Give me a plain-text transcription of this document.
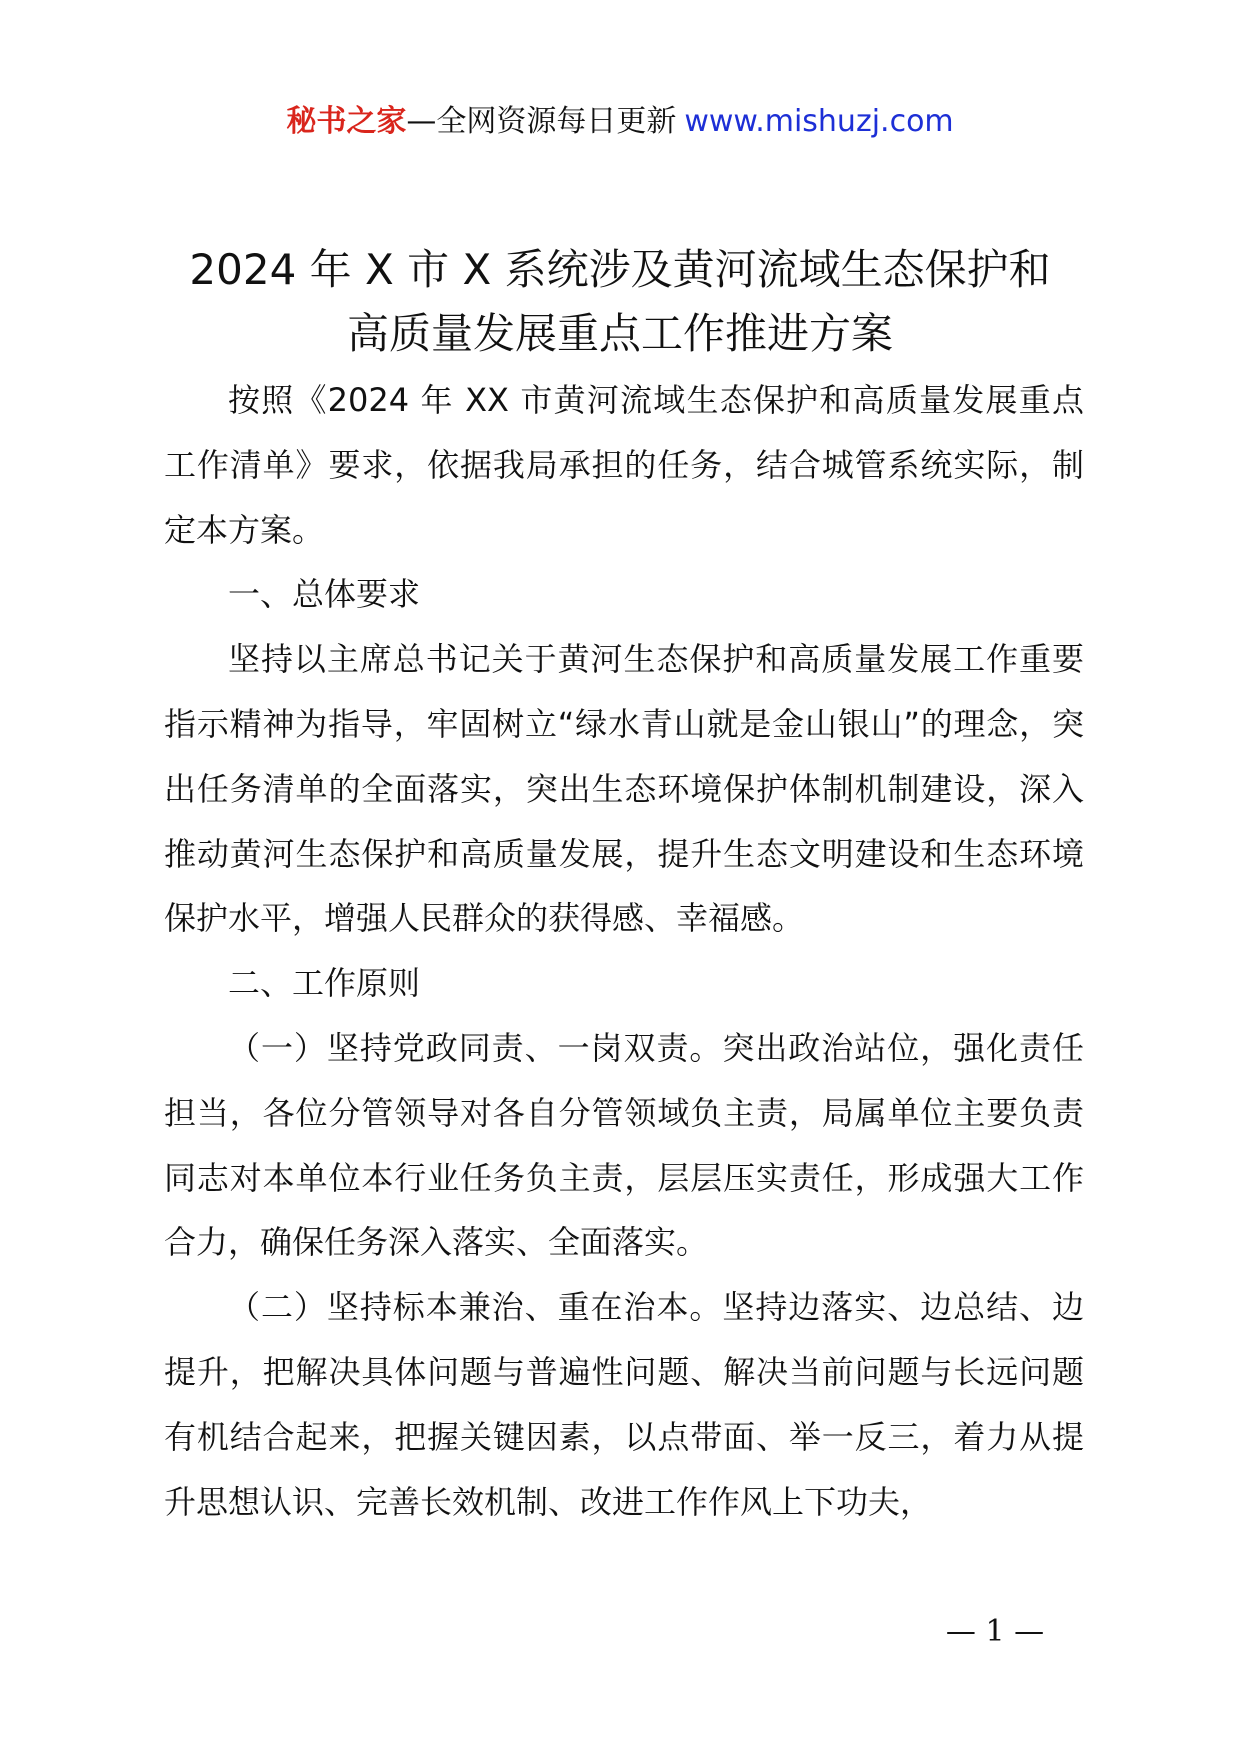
秘书之家—全网资源每日更新 www.mishuzj.com
2024 年 X 市 X 系统涉及黄河流域生态保护和
高质量发展重点工作推进方案

按照《2024 年 XX 市黄河流域生态保护和高质量发展重点工作清单》要求，依据我局承担的任务，结合城管系统实际，制定本方案。

一、总体要求

坚持以主席总书记关于黄河生态保护和高质量发展工作重要指示精神为指导，牢固树立“绿水青山就是金山银山”的理念，突出任务清单的全面落实，突出生态环境保护体制机制建设，深入推动黄河生态保护和高质量发展，提升生态文明建设和生态环境保护水平，增强人民群众的获得感、幸福感。

二、工作原则

（一）坚持党政同责、一岗双责。突出政治站位，强化责任担当，各位分管领导对各自分管领域负主责，局属单位主要负责同志对本单位本行业任务负主责，层层压实责任，形成强大工作合力，确保任务深入落实、全面落实。

（二）坚持标本兼治、重在治本。坚持边落实、边总结、边提升，把解决具体问题与普遍性问题、解决当前问题与长远问题有机结合起来，把握关键因素，以点带面、举一反三，着力从提升思想认识、完善长效机制、改进工作作风上下功夫，

— 1 —
